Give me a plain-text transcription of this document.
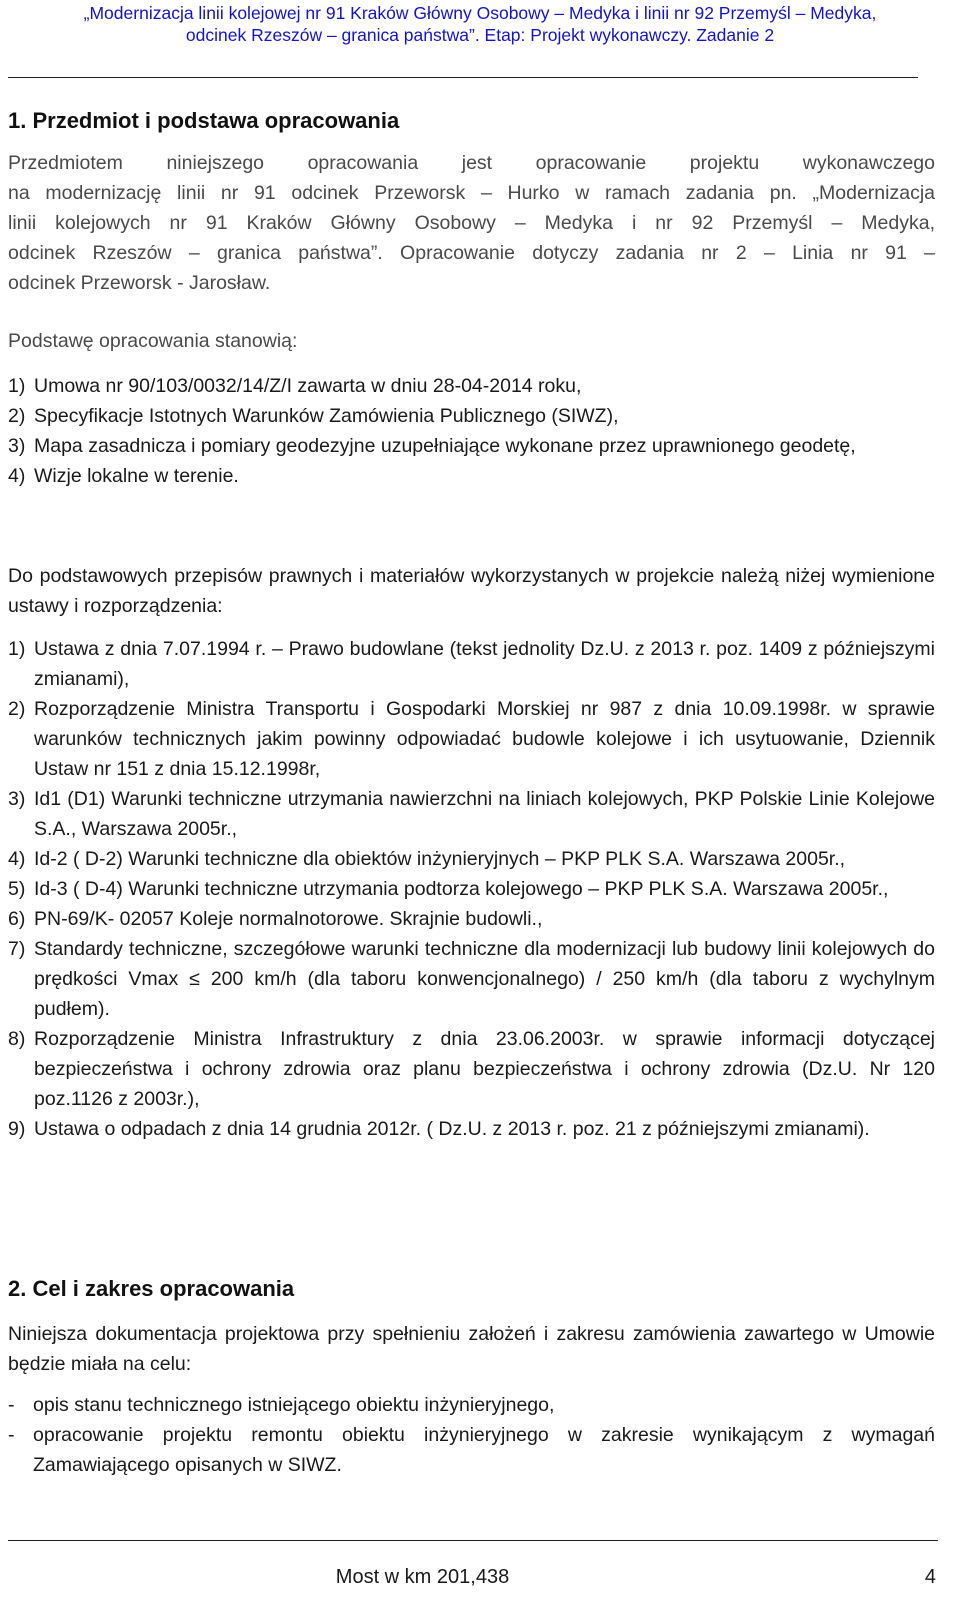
„Modernizacja linii kolejowej nr 91 Kraków Główny Osobowy – Medyka i linii nr 92 Przemyśl – Medyka,
odcinek Rzeszów – granica państwa”. Etap: Projekt wykonawczy. Zadanie 2
1. Przedmiot i podstawa opracowania
Przedmiotem niniejszego opracowania jest opracowanie projektu wykonawczego
na modernizację linii nr 91 odcinek Przeworsk – Hurko w ramach zadania pn. „Modernizacja
linii kolejowych nr 91 Kraków Główny Osobowy – Medyka i nr 92 Przemyśl – Medyka,
odcinek Rzeszów – granica państwa”. Opracowanie dotyczy zadania nr 2 – Linia nr 91 –
odcinek Przeworsk - Jarosław.
Podstawę opracowania stanowią:
1) Umowa nr 90/103/0032/14/Z/I zawarta w dniu 28-04-2014 roku,
2) Specyfikacje Istotnych Warunków Zamówienia Publicznego (SIWZ),
3) Mapa zasadnicza i pomiary geodezyjne uzupełniające wykonane przez uprawnionego geodetę,
4) Wizje lokalne w terenie.
Do podstawowych przepisów prawnych i materiałów wykorzystanych w projekcie należą niżej wymienione ustawy i rozporządzenia:
1) Ustawa z dnia 7.07.1994 r. – Prawo budowlane (tekst jednolity Dz.U. z 2013 r. poz. 1409 z późniejszymi zmianami),
2) Rozporządzenie Ministra Transportu i Gospodarki Morskiej nr 987 z dnia 10.09.1998r. w sprawie warunków technicznych jakim powinny odpowiadać budowle kolejowe i ich usytuowanie, Dziennik Ustaw nr 151 z dnia 15.12.1998r,
3) Id1 (D1) Warunki techniczne utrzymania nawierzchni na liniach kolejowych, PKP Polskie Linie Kolejowe S.A., Warszawa 2005r.,
4) Id-2 ( D-2) Warunki techniczne dla obiektów inżynieryjnych – PKP PLK S.A. Warszawa 2005r.,
5) Id-3 ( D-4) Warunki techniczne utrzymania podtorza kolejowego – PKP PLK S.A. Warszawa 2005r.,
6) PN-69/K- 02057 Koleje normalnotorowe. Skrajnie budowli.,
7) Standardy techniczne, szczegółowe warunki techniczne dla modernizacji lub budowy linii kolejowych do prędkości Vmax ≤ 200 km/h (dla taboru konwencjonalnego) / 250 km/h (dla taboru z wychylnym pudłem).
8) Rozporządzenie Ministra Infrastruktury z dnia 23.06.2003r. w sprawie informacji dotyczącej bezpieczeństwa i ochrony zdrowia oraz planu bezpieczeństwa i ochrony zdrowia (Dz.U. Nr 120 poz.1126 z 2003r.),
9) Ustawa o odpadach z dnia 14 grudnia 2012r. ( Dz.U. z 2013 r. poz. 21 z późniejszymi zmianami).
2. Cel i zakres opracowania
Niniejsza dokumentacja projektowa przy spełnieniu założeń i zakresu zamówienia zawartego w Umowie będzie miała na celu:
- opis stanu technicznego istniejącego obiektu inżynieryjnego,
- opracowanie projektu remontu obiektu inżynieryjnego w zakresie wynikającym z wymagań Zamawiającego opisanych w SIWZ.
Most w km 201,438	4
